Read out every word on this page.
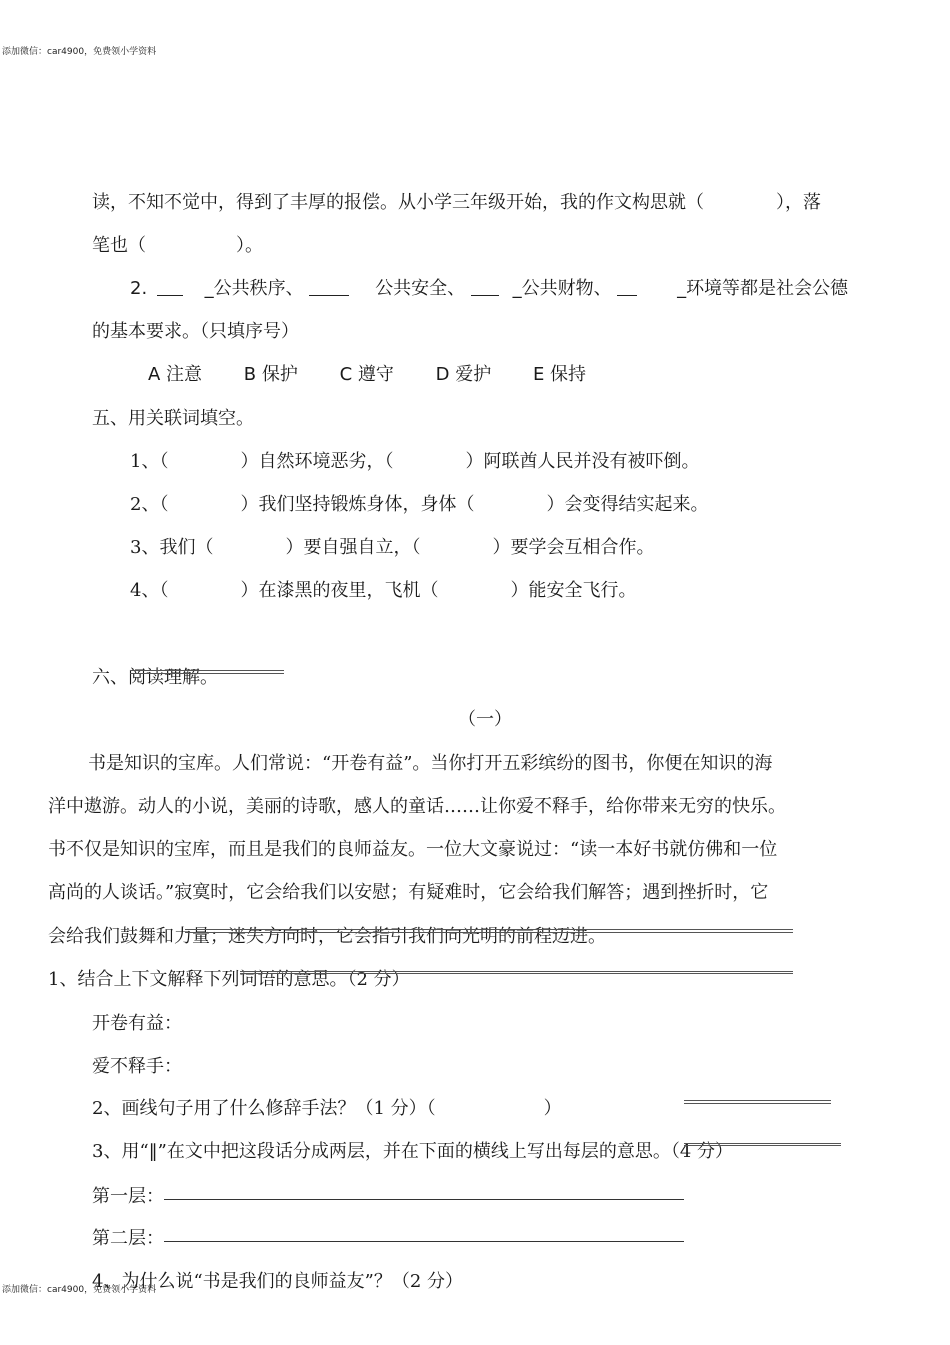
添加微信：car4900，免费领小学资料
读，不知不觉中，得到了丰厚的报偿。从小学三年级开始，我的作文构思就（　　　　），落
笔也（　　　　　）。
2.	_公共秩序、	公共安全、	_公共财物、	_环境等都是社会公德
的基本要求。（只填序号）
A 注意 B 保护 C 遵守 D 爱护 E 保持
五、用关联词填空。
1、（　　　　）自然环境恶劣，（　　　　）阿联酋人民并没有被吓倒。
2、（　　　　）我们坚持锻炼身体，身体（　　　　）会变得结实起来。
3、我们（　　　　）要自强自立，（　　　　）要学会互相合作。
4、（　　　　）在漆黑的夜里，飞机（　　　　）能安全飞行。
六、阅读理解。
（一）
书是知识的宝库。人们常说：“开卷有益”。当你打开五彩缤纷的图书，你便在知识的海
洋中遨游。动人的小说，美丽的诗歌，感人的童话……让你爱不释手，给你带来无穷的快乐。
书不仅是知识的宝库，而且是我们的良师益友。一位大文豪说过：“读一本好书就仿佛和一位
高尚的人谈话。”寂寞时，它会给我们以安慰；有疑难时，它会给我们解答；遇到挫折时，它
会给我们鼓舞和力量；迷失方向时，它会指引我们向光明的前程迈进。
1、结合上下文解释下列词语的意思。（2 分）
开卷有益：
爱不释手：
2、画线句子用了什么修辞手法？（1 分）（　　　　　　）
3、用“‖”在文中把这段话分成两层，并在下面的横线上写出每层的意思。（4 分）
第一层：
第二层：
4、为什么说“书是我们的良师益友”？（2 分）
添加微信：car4900，免费领小学资料
